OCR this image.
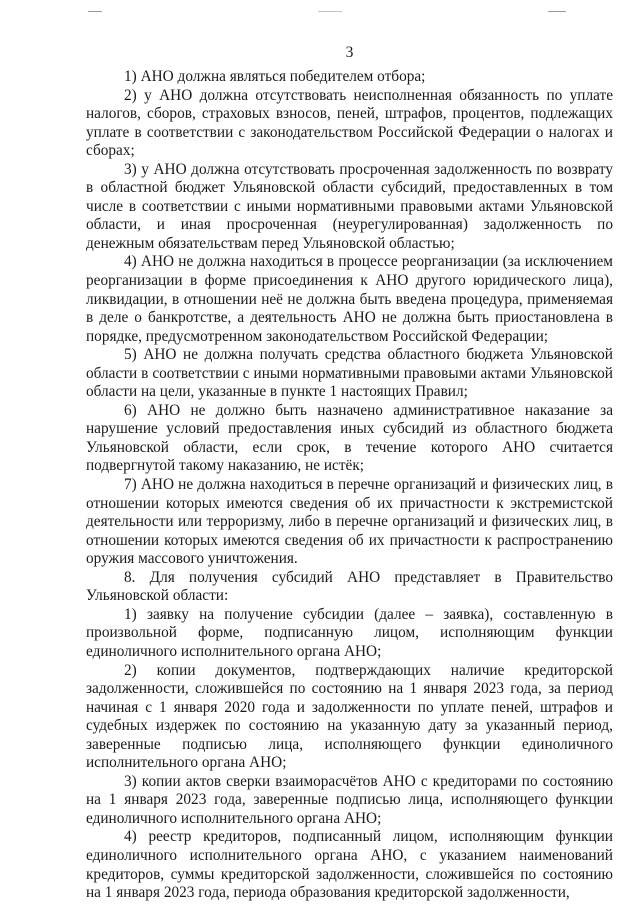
3

1) АНО должна являться победителем отбора;

2) у АНО должна отсутствовать неисполненная обязанность по уплате налогов, сборов, страховых взносов, пеней, штрафов, процентов, подлежащих уплате в соответствии с законодательством Российской Федерации о налогах и сборах;

3) у АНО должна отсутствовать просроченная задолженность по возврату в областной бюджет Ульяновской области субсидий, предоставленных в том числе в соответствии с иными нормативными правовыми актами Ульяновской области, и иная просроченная (неурегулированная) задолженность по денежным обязательствам перед Ульяновской областью;

4) АНО не должна находиться в процессе реорганизации (за исключением реорганизации в форме присоединения к АНО другого юридического лица), ликвидации, в отношении неё не должна быть введена процедура, применяемая в деле о банкротстве, а деятельность АНО не должна быть приостановлена в порядке, предусмотренном законодательством Российской Федерации;

5) АНО не должна получать средства областного бюджета Ульяновской области в соответствии с иными нормативными правовыми актами Ульяновской области на цели, указанные в пункте 1 настоящих Правил;

6) АНО не должно быть назначено административное наказание за нарушение условий предоставления иных субсидий из областного бюджета Ульяновской области, если срок, в течение которого АНО считается подвергнутой такому наказанию, не истёк;

7) АНО не должна находиться в перечне организаций и физических лиц, в отношении которых имеются сведения об их причастности к экстремистской деятельности или терроризму, либо в перечне организаций и физических лиц, в отношении которых имеются сведения об их причастности к распространению оружия массового уничтожения.

8. Для получения субсидий АНО представляет в Правительство Ульяновской области:

1) заявку на получение субсидии (далее – заявка), составленную в произвольной форме, подписанную лицом, исполняющим функции единоличного исполнительного органа АНО;

2) копии документов, подтверждающих наличие кредиторской задолженности, сложившейся по состоянию на 1 января 2023 года, за период начиная с 1 января 2020 года и задолженности по уплате пеней, штрафов и судебных издержек по состоянию на указанную дату за указанный период, заверенные подписью лица, исполняющего функции единоличного исполнительного органа АНО;

3) копии актов сверки взаиморасчётов АНО с кредиторами по состоянию на 1 января 2023 года, заверенные подписью лица, исполняющего функции единоличного исполнительного органа АНО;

4) реестр кредиторов, подписанный лицом, исполняющим функции единоличного исполнительного органа АНО, с указанием наименований кредиторов, суммы кредиторской задолженности, сложившейся по состоянию на 1 января 2023 года, периода образования кредиторской задолженности,
